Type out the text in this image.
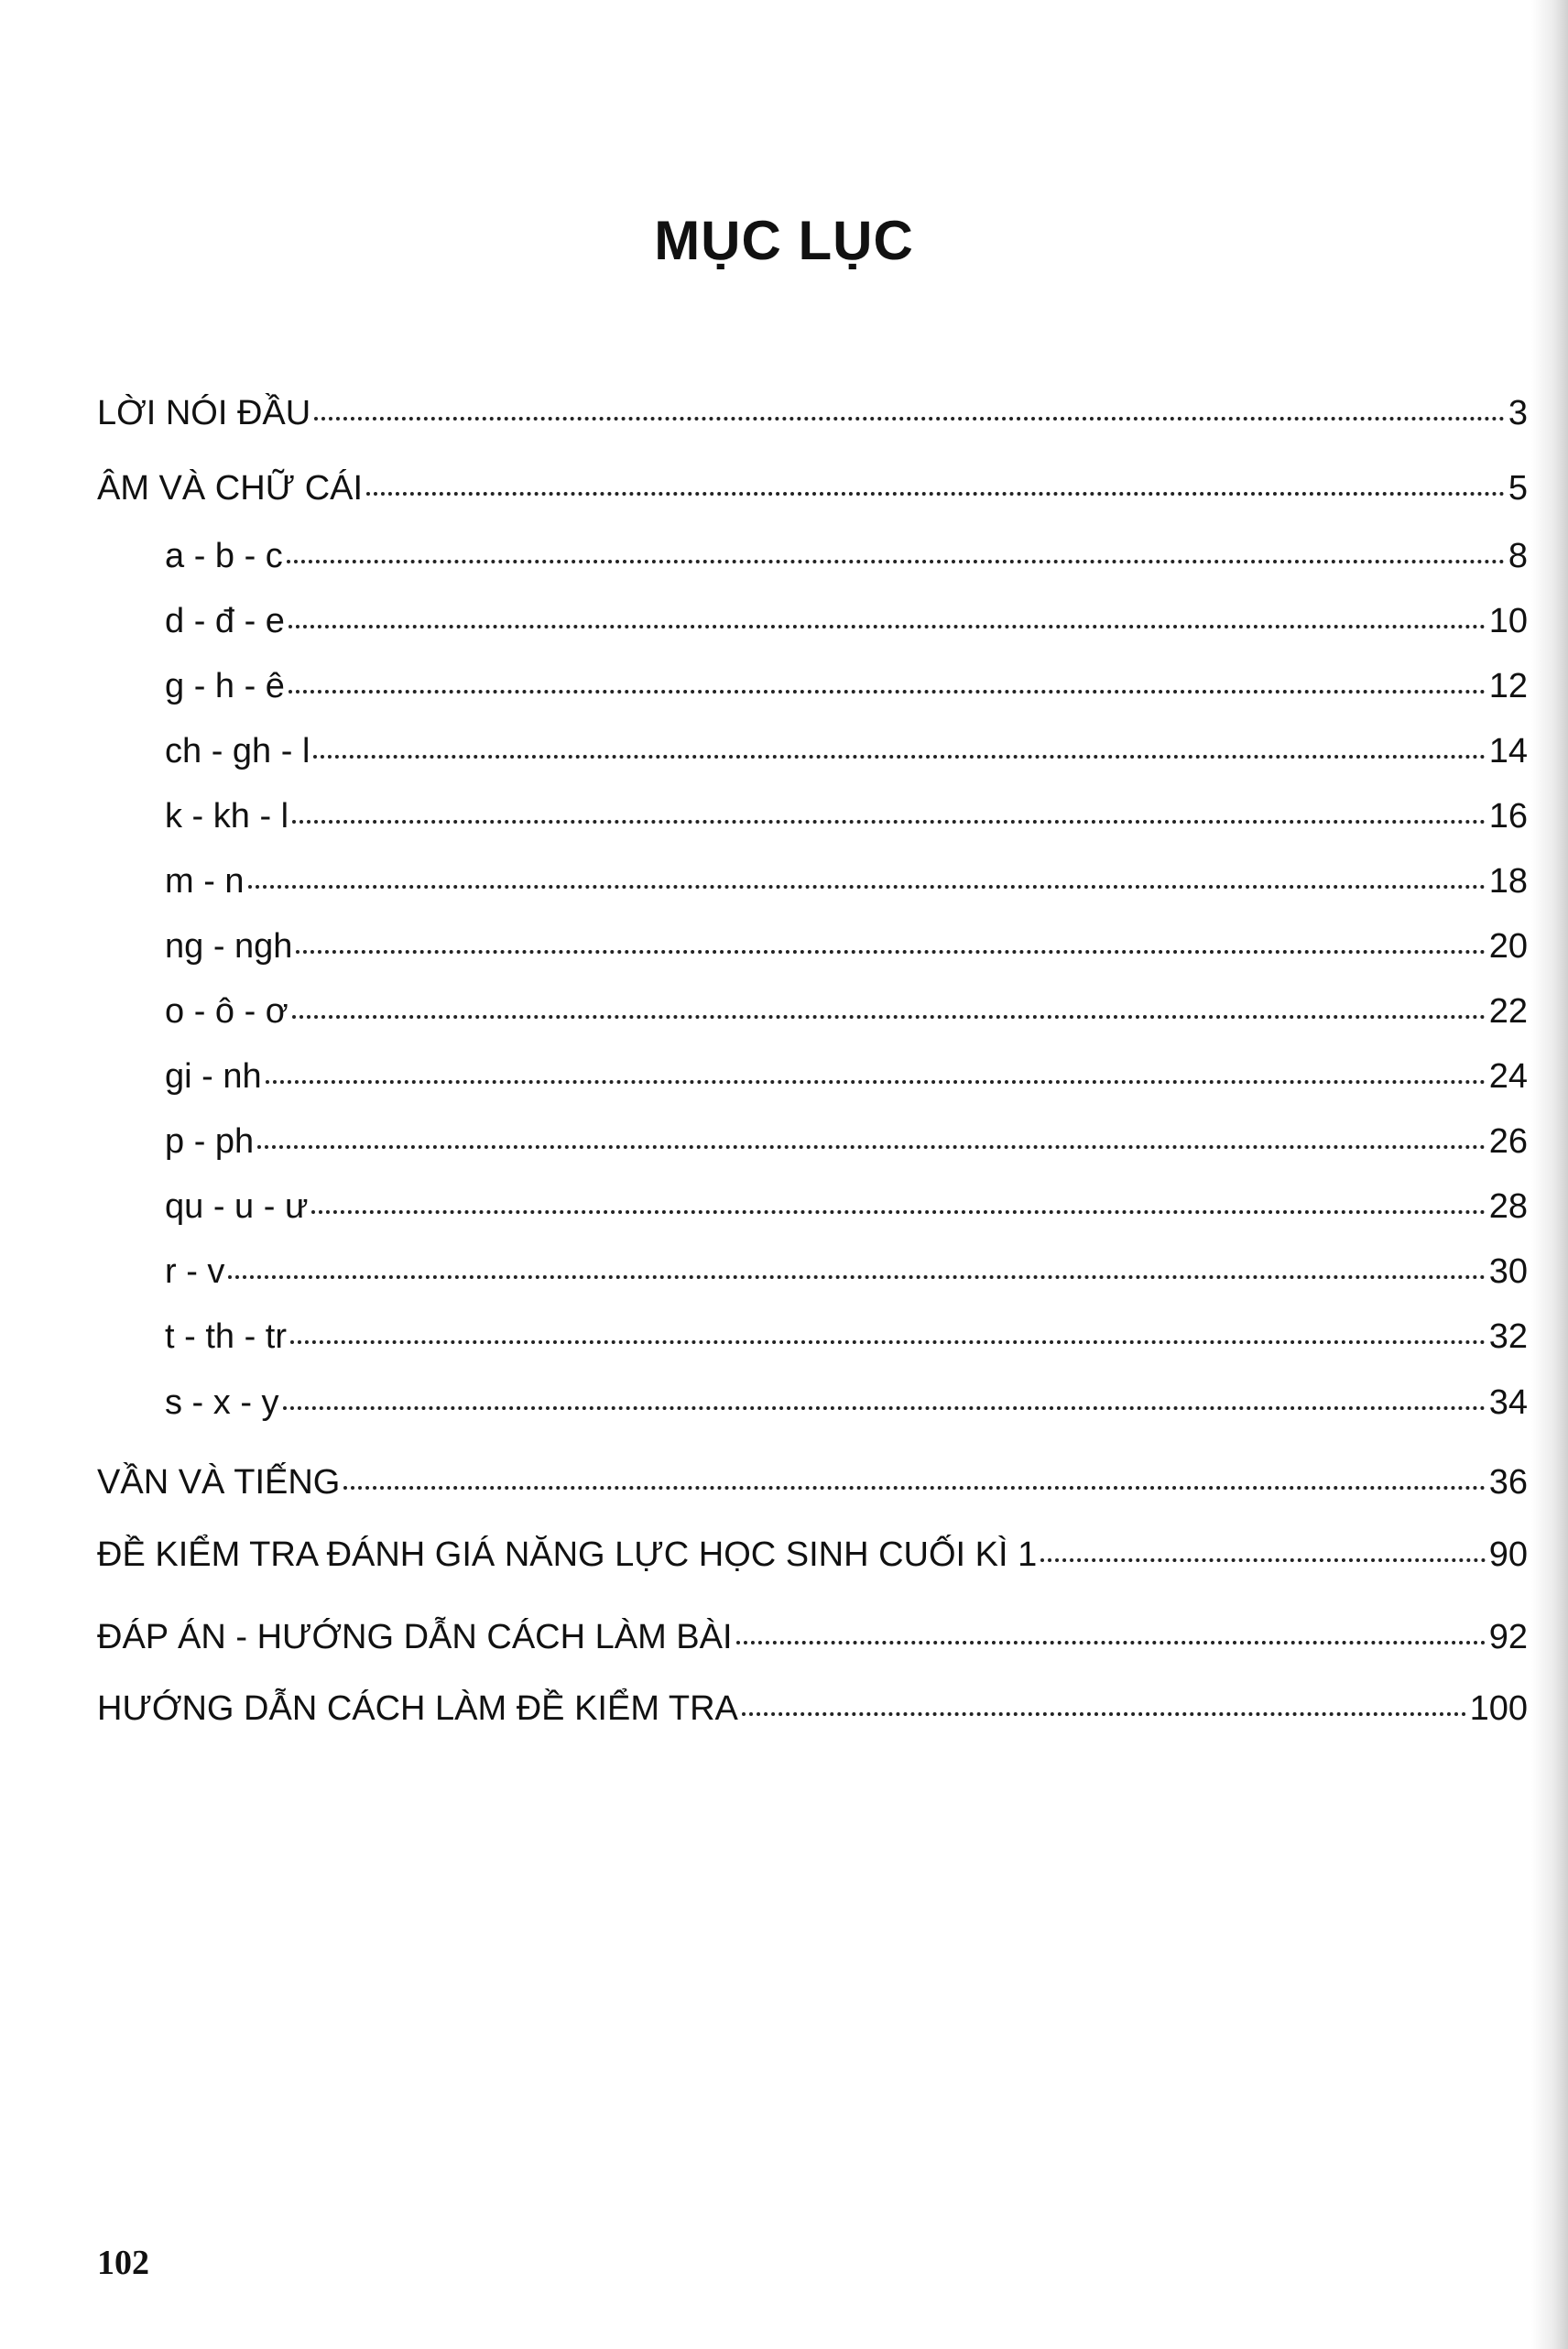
MỤC LỤC
LỜI NÓI ĐẦU	3
ÂM VÀ CHỮ CÁI	5
a - b - c	8
d - đ - e	10
g - h - ê	12
ch - gh - l	14
k - kh - l	16
m - n	18
ng - ngh	20
o - ô - ơ	22
gi - nh	24
p - ph	26
qu - u - ư	28
r - v	30
t - th - tr	32
s - x - y	34
VẦN VÀ TIẾNG	36
ĐỀ KIỂM TRA ĐÁNH GIÁ NĂNG LỰC HỌC SINH CUỐI KÌ 1	90
ĐÁP ÁN - HƯỚNG DẪN CÁCH LÀM BÀI	92
HƯỚNG DẪN CÁCH LÀM ĐỀ KIỂM TRA	100
102
